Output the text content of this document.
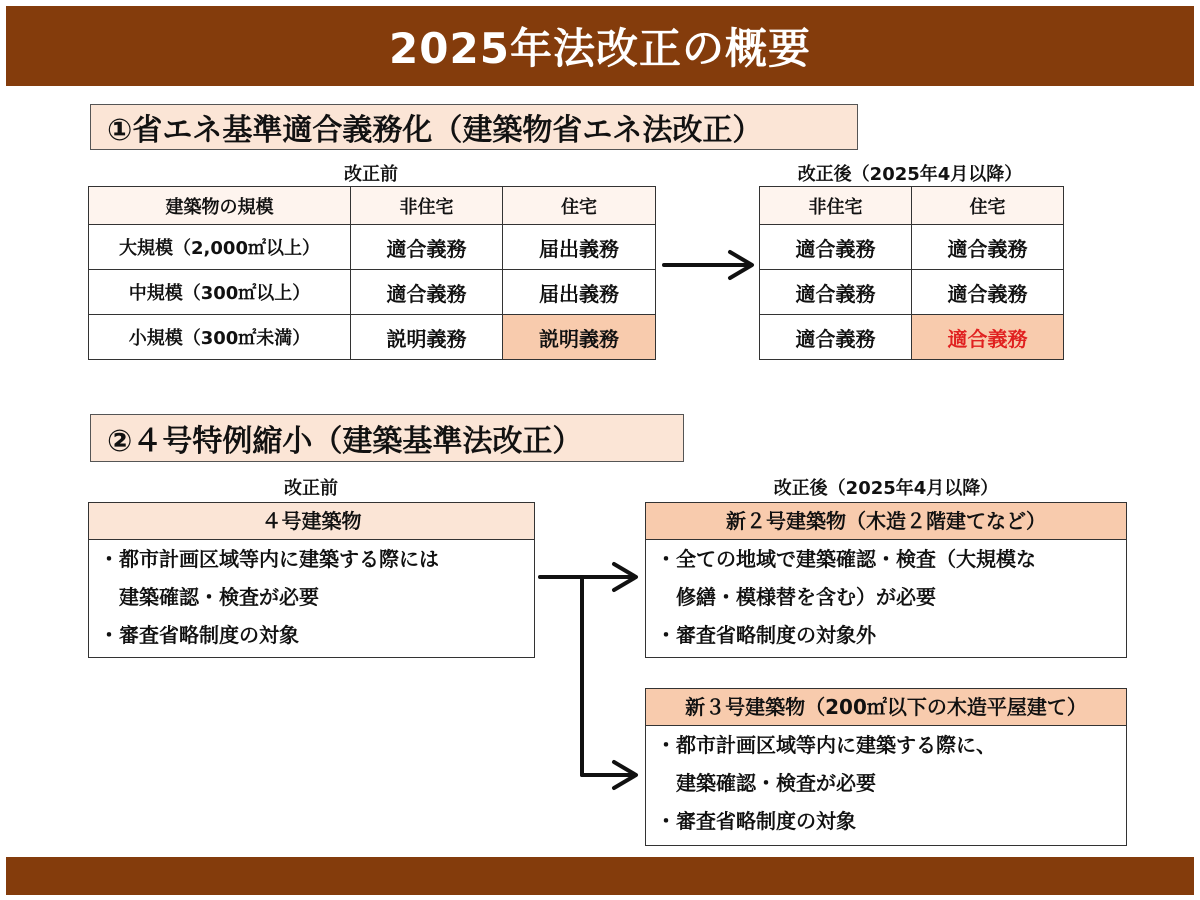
2025年法改正の概要
①省エネ基準適合義務化（建築物省エネ法改正）
改正前	改正後（2025年4月以降）
建築物の規模	非住宅	住宅
大規模（2,000㎡以上）	適合義務	届出義務
中規模（300㎡以上）	適合義務	届出義務
小規模（300㎡未満）	説明義務	説明義務
非住宅	住宅
適合義務	適合義務
適合義務	適合義務
適合義務	適合義務
②４号特例縮小（建築基準法改正）
改正前	改正後（2025年4月以降）
４号建築物
・都市計画区域等内に建築する際には
建築確認・検査が必要
・審査省略制度の対象
新２号建築物（木造２階建てなど）
・全ての地域で建築確認・検査（大規模な
修繕・模様替を含む）が必要
・審査省略制度の対象外
新３号建築物（200㎡以下の木造平屋建て）
・都市計画区域等内に建築する際に、
建築確認・検査が必要
・審査省略制度の対象
